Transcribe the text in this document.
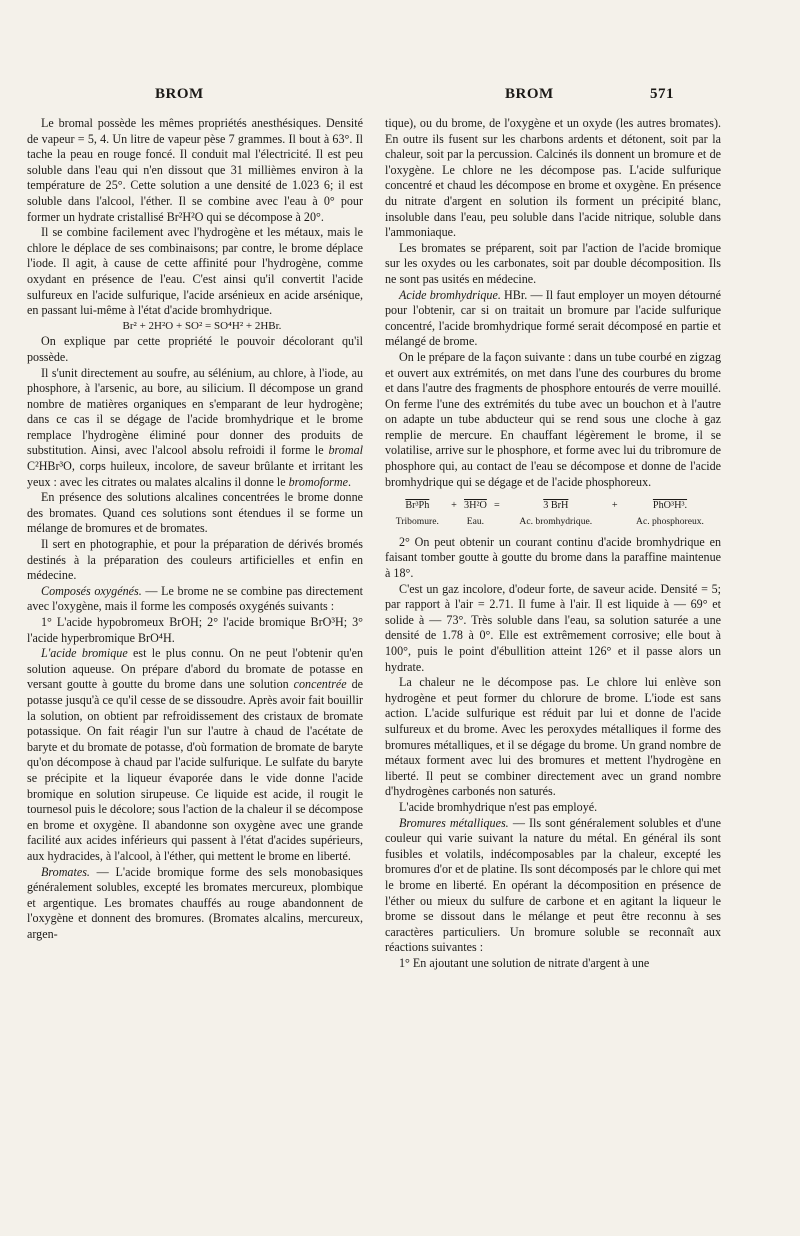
BROM	BROM	571

Le bromal possède les mêmes propriétés anesthésiques. Densité de vapeur = 5, 4. Un litre de vapeur pèse 7 grammes. Il bout à 63°. Il tache la peau en rouge foncé. Il conduit mal l'électricité. Il est peu soluble dans l'eau qui n'en dissout que 31 millièmes environ à la température de 25°. Cette solution a une densité de 1.023 6; il est soluble dans l'alcool, l'éther. Il se combine avec l'eau à 0° pour former un hydrate cristallisé Br²H²O qui se décompose à 20°.

Il se combine facilement avec l'hydrogène et les métaux, mais le chlore le déplace de ses combinaisons; par contre, le brome déplace l'iode. Il agit, à cause de cette affinité pour l'hydrogène, comme oxydant en présence de l'eau. C'est ainsi qu'il convertit l'acide sulfureux en l'acide sulfurique, l'acide arsénieux en acide arsénique, en passant lui-même à l'état d'acide bromhydrique.

Br² + 2H²O + SO² = SO⁴H² + 2HBr.

On explique par cette propriété le pouvoir décolorant qu'il possède.

Il s'unit directement au soufre, au sélénium, au chlore, à l'iode, au phosphore, à l'arsenic, au bore, au silicium. Il décompose un grand nombre de matières organiques en s'emparant de leur hydrogène; dans ce cas il se dégage de l'acide bromhydrique et le brome remplace l'hydrogène éliminé pour donner des produits de substitution. Ainsi, avec l'alcool absolu refroidi il forme le bromal C²HBr³O, corps huileux, incolore, de saveur brûlante et irritant les yeux : avec les citrates ou malates alcalins il donne le bromoforme.

En présence des solutions alcalines concentrées le brome donne des bromates. Quand ces solutions sont étendues il se forme un mélange de bromures et de bromates.

Il sert en photographie, et pour la préparation de dérivés bromés destinés à la préparation des couleurs artificielles et enfin en médecine.

Composés oxygénés. — Le brome ne se combine pas directement avec l'oxygène, mais il forme les composés oxygénés suivants :

1° L'acide hypobromeux BrOH; 2° l'acide bromique BrO³H; 3° l'acide hyperbromique BrO⁴H.

L'acide bromique est le plus connu. On ne peut l'obtenir qu'en solution aqueuse. On prépare d'abord du bromate de potasse en versant goutte à goutte du brome dans une solution concentrée de potasse jusqu'à ce qu'il cesse de se dissoudre. Après avoir fait bouillir la solution, on obtient par refroidissement des cristaux de bromate potassique. On fait réagir l'un sur l'autre à chaud de l'acétate de baryte et du bromate de potasse, d'où formation de bromate de baryte qu'on décompose à chaud par l'acide sulfurique. Le sulfate du baryte se précipite et la liqueur évaporée dans le vide donne l'acide bromique en solution sirupeuse. Ce liquide est acide, il rougit le tournesol puis le décolore; sous l'action de la chaleur il se décompose en brome et oxygène. Il abandonne son oxygène avec une grande facilité aux acides inférieurs qui passent à l'état d'acides supérieurs, aux hydracides, à l'alcool, à l'éther, qui mettent le brome en liberté.

Bromates. — L'acide bromique forme des sels monobasiques généralement solubles, excepté les bromates mercureux, plombique et argentique. Les bromates chauffés au rouge abandonnent de l'oxygène et donnent des bromures. (Bromates alcalins, mercureux, argen-

tique), ou du brome, de l'oxygène et un oxyde (les autres bromates). En outre ils fusent sur les charbons ardents et détonent, soit par la chaleur, soit par la percussion. Calcinés ils donnent un bromure et de l'oxygène. Le chlore ne les décompose pas. L'acide sulfurique concentré et chaud les décompose en brome et oxygène. En présence du nitrate d'argent en solution ils forment un précipité blanc, insoluble dans l'eau, peu soluble dans l'acide nitrique, soluble dans l'ammoniaque.

Les bromates se préparent, soit par l'action de l'acide bromique sur les oxydes ou les carbonates, soit par double décomposition. Ils ne sont pas usités en médecine.

Acide bromhydrique. HBr. — Il faut employer un moyen détourné pour l'obtenir, car si on traitait un bromure par l'acide sulfurique concentré, l'acide bromhydrique formé serait décomposé en partie et mélangé de brome.

On le prépare de la façon suivante : dans un tube courbé en zigzag et ouvert aux extrémités, on met dans l'une des courbures du brome et dans l'autre des fragments de phosphore entourés de verre mouillé. On ferme l'une des extrémités du tube avec un bouchon et à l'autre on adapte un tube abducteur qui se rend sous une cloche à gaz remplie de mercure. En chauffant légèrement le brome, il se volatilise, arrive sur le phosphore, et forme avec lui du tribromure de phosphore qui, au contact de l'eau se décompose et donne de l'acide bromhydrique qui se dégage et de l'acide phosphoreux.

Br³Ph	+	3H²O	=	3 BrH	+	PhO³H³.
Tribomure.		Eau.		Ac. bromhydrique.		Ac. phosphoreux.

2° On peut obtenir un courant continu d'acide bromhydrique en faisant tomber goutte à goutte du brome dans la paraffine maintenue à 18°.

C'est un gaz incolore, d'odeur forte, de saveur acide. Densité = 5; par rapport à l'air = 2.71. Il fume à l'air. Il est liquide à — 69° et solide à — 73°. Très soluble dans l'eau, sa solution saturée a une densité de 1.78 à 0°. Elle est extrêmement corrosive; elle bout à 100°, puis le point d'ébullition atteint 126° et il passe alors un hydrate.

La chaleur ne le décompose pas. Le chlore lui enlève son hydrogène et peut former du chlorure de brome. L'iode est sans action. L'acide sulfurique est réduit par lui et donne de l'acide sulfureux et du brome. Avec les peroxydes métalliques il forme des bromures métalliques, et il se dégage du brome. Un grand nombre de métaux forment avec lui des bromures et mettent l'hydrogène en liberté. Il peut se combiner directement avec un grand nombre d'hydrogènes carbonés non saturés.

L'acide bromhydrique n'est pas employé.

Bromures métalliques. — Ils sont généralement solubles et d'une couleur qui varie suivant la nature du métal. En général ils sont fusibles et volatils, indécomposables par la chaleur, excepté les bromures d'or et de platine. Ils sont décomposés par le chlore qui met le brome en liberté. En opérant la décomposition en présence de l'éther ou mieux du sulfure de carbone et en agitant la liqueur le brome se dissout dans le mélange et peut être reconnu à ses caractères particuliers. Un bromure soluble se reconnaît aux réactions suivantes :

1° En ajoutant une solution de nitrate d'argent à une
